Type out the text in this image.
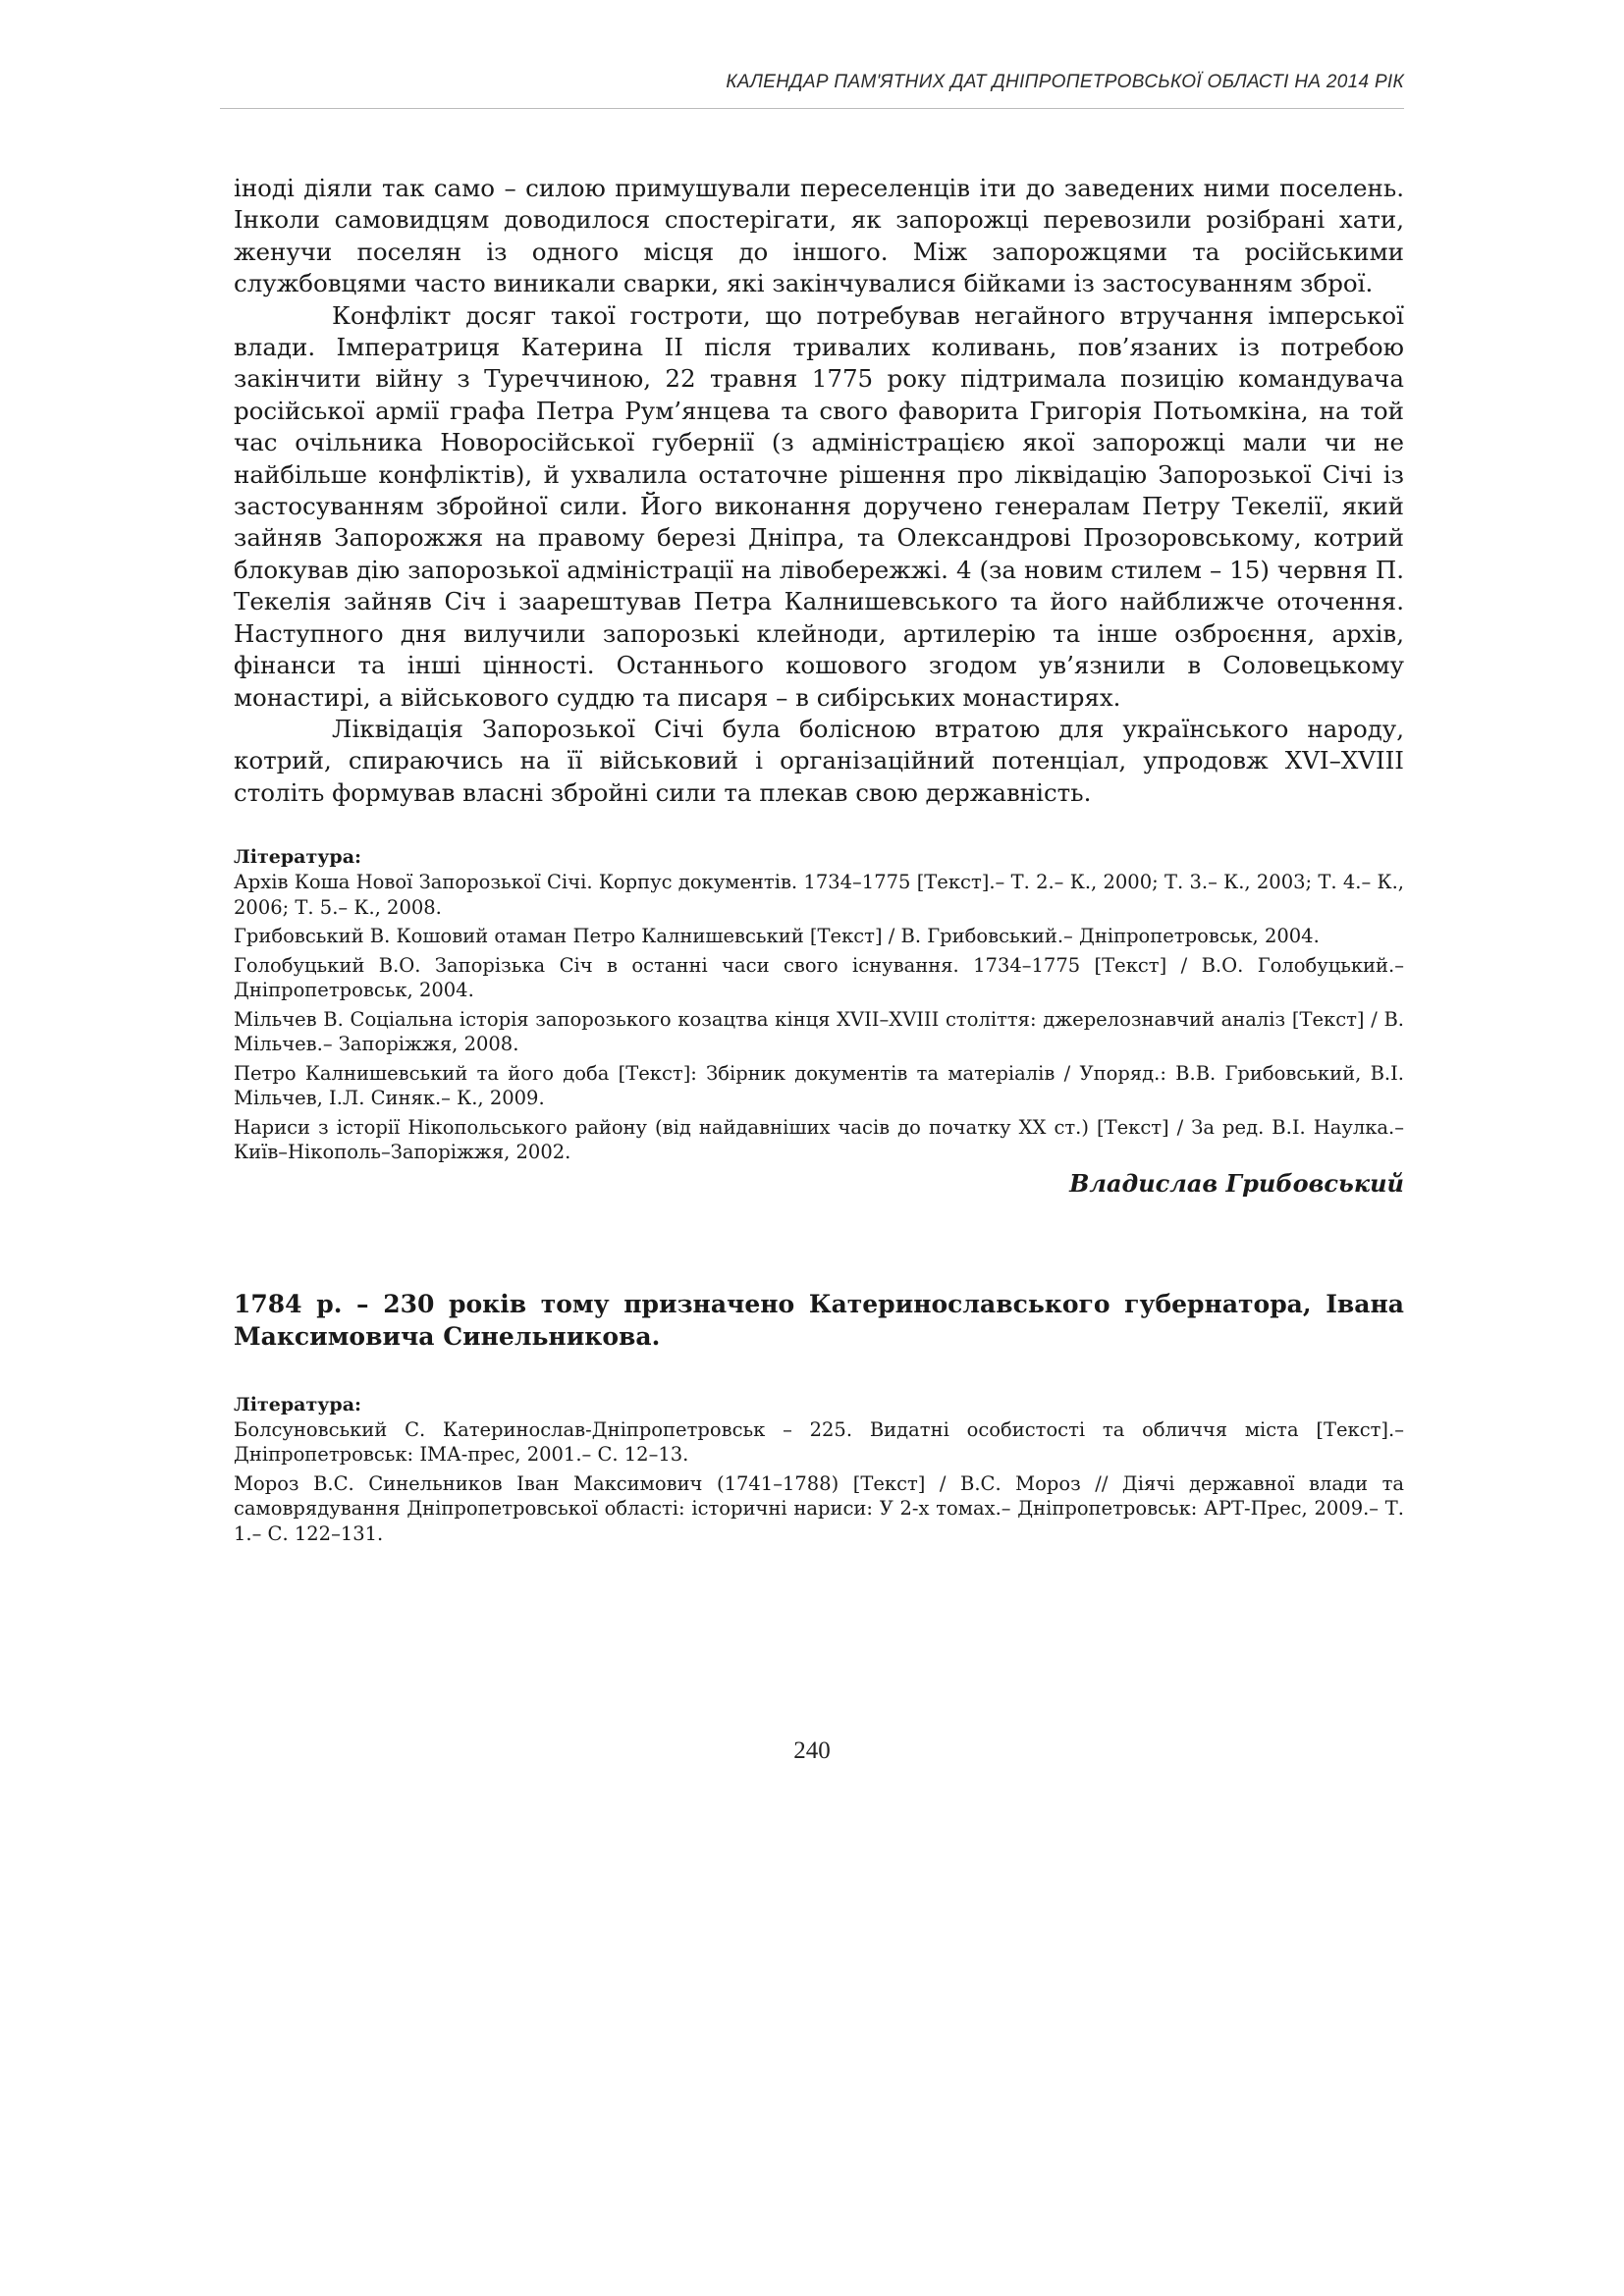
КАЛЕНДАР ПАМ'ЯТНИХ ДАТ ДНІПРОПЕТРОВСЬКОЇ ОБЛАСТІ НА 2014 РІК

іноді діяли так само – силою примушували переселенців іти до заведених ними поселень. Інколи самовидцям доводилося спостерігати, як запорожці перевозили розібрані хати, женучи поселян із одного місця до іншого. Між запорожцями та російськими службовцями часто виникали сварки, які закінчувалися бійками із застосуванням зброї.

Конфлікт досяг такої гостроти, що потребував негайного втручання імперської влади. Імператриця Катерина ІІ після тривалих коливань, пов’язаних із потребою закінчити війну з Туреччиною, 22 травня 1775 року підтримала позицію командувача російської армії графа Петра Рум’янцева та свого фаворита Григорія Потьомкіна, на той час очільника Новоросійської губернії (з адміністрацією якої запорожці мали чи не найбільше конфліктів), й ухвалила остаточне рішення про ліквідацію Запорозької Січі із застосуванням збройної сили. Його виконання доручено генералам Петру Текелії, який зайняв Запорожжя на правому березі Дніпра, та Олександрові Прозоровському, котрий блокував дію запорозької адміністрації на лівобережжі. 4 (за новим стилем – 15) червня П. Текелія зайняв Січ і заарештував Петра Калнишевського та його найближче оточення. Наступного дня вилучили запорозькі клейноди, артилерію та інше озброєння, архів, фінанси та інші цінності. Останнього кошового згодом ув’язнили в Соловецькому монастирі, а військового суддю та писаря – в сибірських монастирях.

Ліквідація Запорозької Січі була болісною втратою для українського народу, котрий, спираючись на її військовий і організаційний потенціал, упродовж XVI–XVIII століть формував власні збройні сили та плекав свою державність.

Література:
Архів Коша Нової Запорозької Січі. Корпус документів. 1734–1775 [Текст].– Т. 2.– К., 2000; Т. 3.– К., 2003; Т. 4.– К., 2006; Т. 5.– К., 2008.
Грибовський В. Кошовий отаман Петро Калнишевський [Текст] / В. Грибовський.– Дніпропетровськ, 2004.
Голобуцький В.О. Запорізька Січ в останні часи свого існування. 1734–1775 [Текст] / В.О. Голобуцький.– Дніпропетровськ, 2004.
Мільчев В. Соціальна історія запорозького козацтва кінця XVII–XVIII століття: джерелознавчий аналіз [Текст] / В. Мільчев.– Запоріжжя, 2008.
Петро Калнишевський та його доба [Текст]: Збірник документів та матеріалів / Упоряд.: В.В. Грибовський, В.І. Мільчев, І.Л. Синяк.– К., 2009.
Нариси з історії Нікопольського району (від найдавніших часів до початку ХХ ст.) [Текст] / За ред. В.І. Наулка.– Київ–Нікополь–Запоріжжя, 2002.
Владислав Грибовський
1784 р. – 230 років тому призначено Катеринославського губернатора, Івана Максимовича Синельникова.
Література:
Болсуновський С. Катеринослав-Дніпропетровськ – 225. Видатні особистості та обличчя міста [Текст].– Дніпропетровськ: ІМА-прес, 2001.– С. 12–13.
Мороз В.С. Синельников Іван Максимович (1741–1788) [Текст] / В.С. Мороз // Діячі державної влади та самоврядування Дніпропетровської області: історичні нариси: У 2-х томах.– Дніпропетровськ: АРТ-Прес, 2009.– Т. 1.– С. 122–131.
240
